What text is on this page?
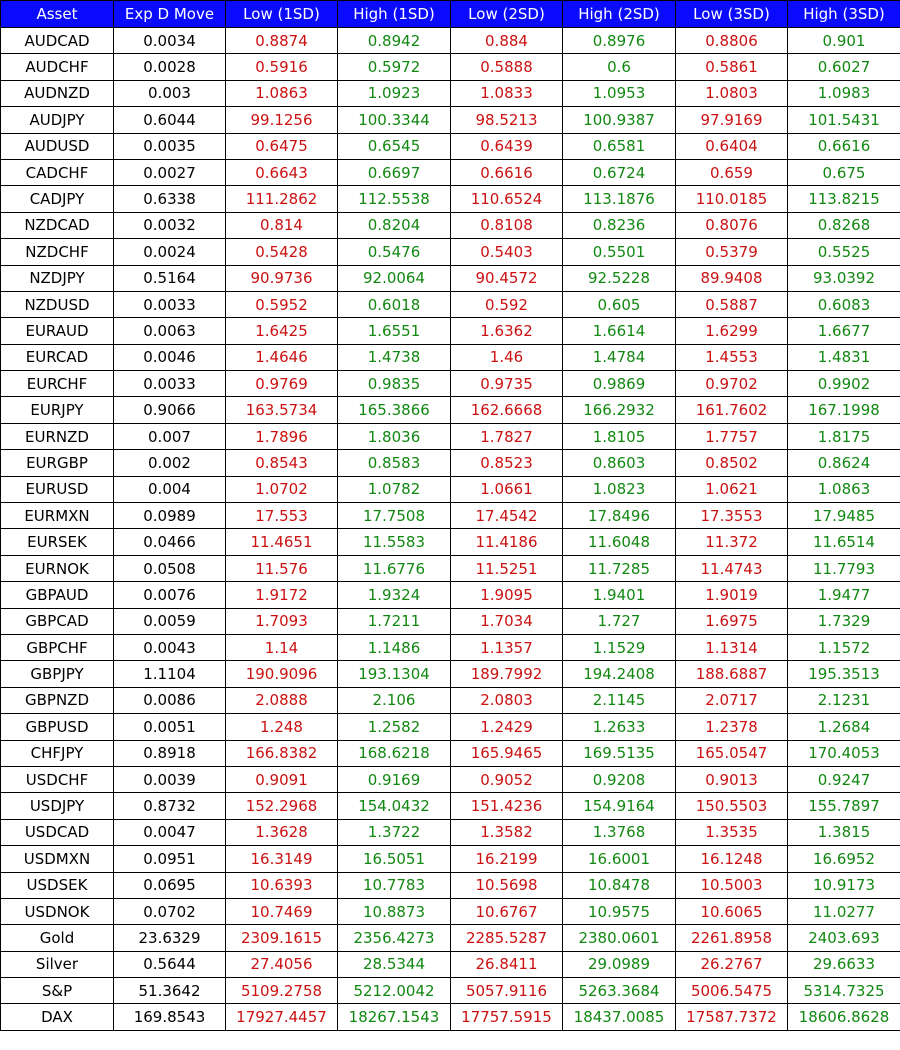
Asset	Exp D Move	Low (1SD)	High (1SD)	Low (2SD)	High (2SD)	Low (3SD)	High (3SD)
AUDCAD	0.0034	0.8874	0.8942	0.884	0.8976	0.8806	0.901
AUDCHF	0.0028	0.5916	0.5972	0.5888	0.6	0.5861	0.6027
AUDNZD	0.003	1.0863	1.0923	1.0833	1.0953	1.0803	1.0983
AUDJPY	0.6044	99.1256	100.3344	98.5213	100.9387	97.9169	101.5431
AUDUSD	0.0035	0.6475	0.6545	0.6439	0.6581	0.6404	0.6616
CADCHF	0.0027	0.6643	0.6697	0.6616	0.6724	0.659	0.675
CADJPY	0.6338	111.2862	112.5538	110.6524	113.1876	110.0185	113.8215
NZDCAD	0.0032	0.814	0.8204	0.8108	0.8236	0.8076	0.8268
NZDCHF	0.0024	0.5428	0.5476	0.5403	0.5501	0.5379	0.5525
NZDJPY	0.5164	90.9736	92.0064	90.4572	92.5228	89.9408	93.0392
NZDUSD	0.0033	0.5952	0.6018	0.592	0.605	0.5887	0.6083
EURAUD	0.0063	1.6425	1.6551	1.6362	1.6614	1.6299	1.6677
EURCAD	0.0046	1.4646	1.4738	1.46	1.4784	1.4553	1.4831
EURCHF	0.0033	0.9769	0.9835	0.9735	0.9869	0.9702	0.9902
EURJPY	0.9066	163.5734	165.3866	162.6668	166.2932	161.7602	167.1998
EURNZD	0.007	1.7896	1.8036	1.7827	1.8105	1.7757	1.8175
EURGBP	0.002	0.8543	0.8583	0.8523	0.8603	0.8502	0.8624
EURUSD	0.004	1.0702	1.0782	1.0661	1.0823	1.0621	1.0863
EURMXN	0.0989	17.553	17.7508	17.4542	17.8496	17.3553	17.9485
EURSEK	0.0466	11.4651	11.5583	11.4186	11.6048	11.372	11.6514
EURNOK	0.0508	11.576	11.6776	11.5251	11.7285	11.4743	11.7793
GBPAUD	0.0076	1.9172	1.9324	1.9095	1.9401	1.9019	1.9477
GBPCAD	0.0059	1.7093	1.7211	1.7034	1.727	1.6975	1.7329
GBPCHF	0.0043	1.14	1.1486	1.1357	1.1529	1.1314	1.1572
GBPJPY	1.1104	190.9096	193.1304	189.7992	194.2408	188.6887	195.3513
GBPNZD	0.0086	2.0888	2.106	2.0803	2.1145	2.0717	2.1231
GBPUSD	0.0051	1.248	1.2582	1.2429	1.2633	1.2378	1.2684
CHFJPY	0.8918	166.8382	168.6218	165.9465	169.5135	165.0547	170.4053
USDCHF	0.0039	0.9091	0.9169	0.9052	0.9208	0.9013	0.9247
USDJPY	0.8732	152.2968	154.0432	151.4236	154.9164	150.5503	155.7897
USDCAD	0.0047	1.3628	1.3722	1.3582	1.3768	1.3535	1.3815
USDMXN	0.0951	16.3149	16.5051	16.2199	16.6001	16.1248	16.6952
USDSEK	0.0695	10.6393	10.7783	10.5698	10.8478	10.5003	10.9173
USDNOK	0.0702	10.7469	10.8873	10.6767	10.9575	10.6065	11.0277
Gold	23.6329	2309.1615	2356.4273	2285.5287	2380.0601	2261.8958	2403.693
Silver	0.5644	27.4056	28.5344	26.8411	29.0989	26.2767	29.6633
S&P	51.3642	5109.2758	5212.0042	5057.9116	5263.3684	5006.5475	5314.7325
DAX	169.8543	17927.4457	18267.1543	17757.5915	18437.0085	17587.7372	18606.8628
